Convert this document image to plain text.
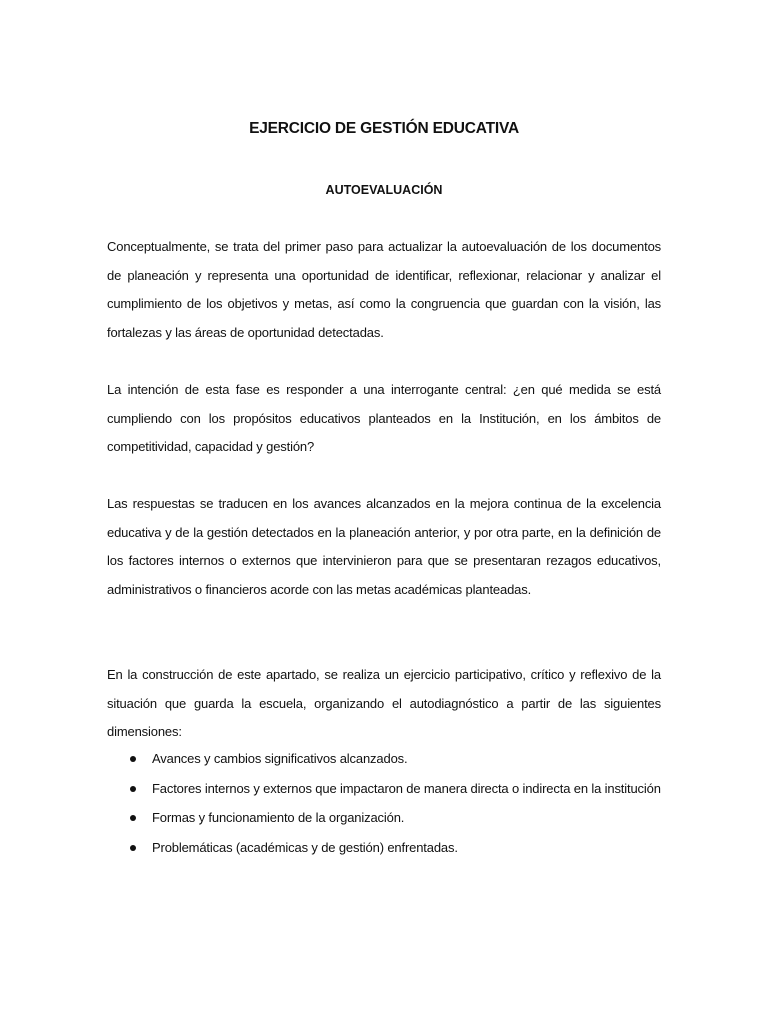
EJERCICIO DE GESTIÓN EDUCATIVA
AUTOEVALUACIÓN

Conceptualmente, se trata del primer paso para actualizar la autoevaluación de los documentos de planeación y representa una oportunidad de identificar, reflexionar, relacionar y analizar el cumplimiento de los objetivos y metas, así como la congruencia que guardan con la visión, las fortalezas y las áreas de oportunidad detectadas.

La intención de esta fase es responder a una interrogante central: ¿en qué medida se está cumpliendo con los propósitos educativos planteados en la Institución, en los ámbitos de competitividad, capacidad y gestión?

Las respuestas se traducen en los avances alcanzados en la mejora continua de la excelencia educativa y de la gestión detectados en la planeación anterior, y por otra parte, en la definición de los factores internos o externos que intervinieron para que se presentaran rezagos educativos, administrativos o financieros acorde con las metas académicas planteadas.

En la construcción de este apartado, se realiza un ejercicio participativo, crítico y reflexivo de la situación que guarda la escuela, organizando el autodiagnóstico a partir de las siguientes dimensiones:

Avances y cambios significativos alcanzados.
Factores internos y externos que impactaron de manera directa o indirecta en la institución
Formas y funcionamiento de la organización.
Problemáticas (académicas y de gestión) enfrentadas.
